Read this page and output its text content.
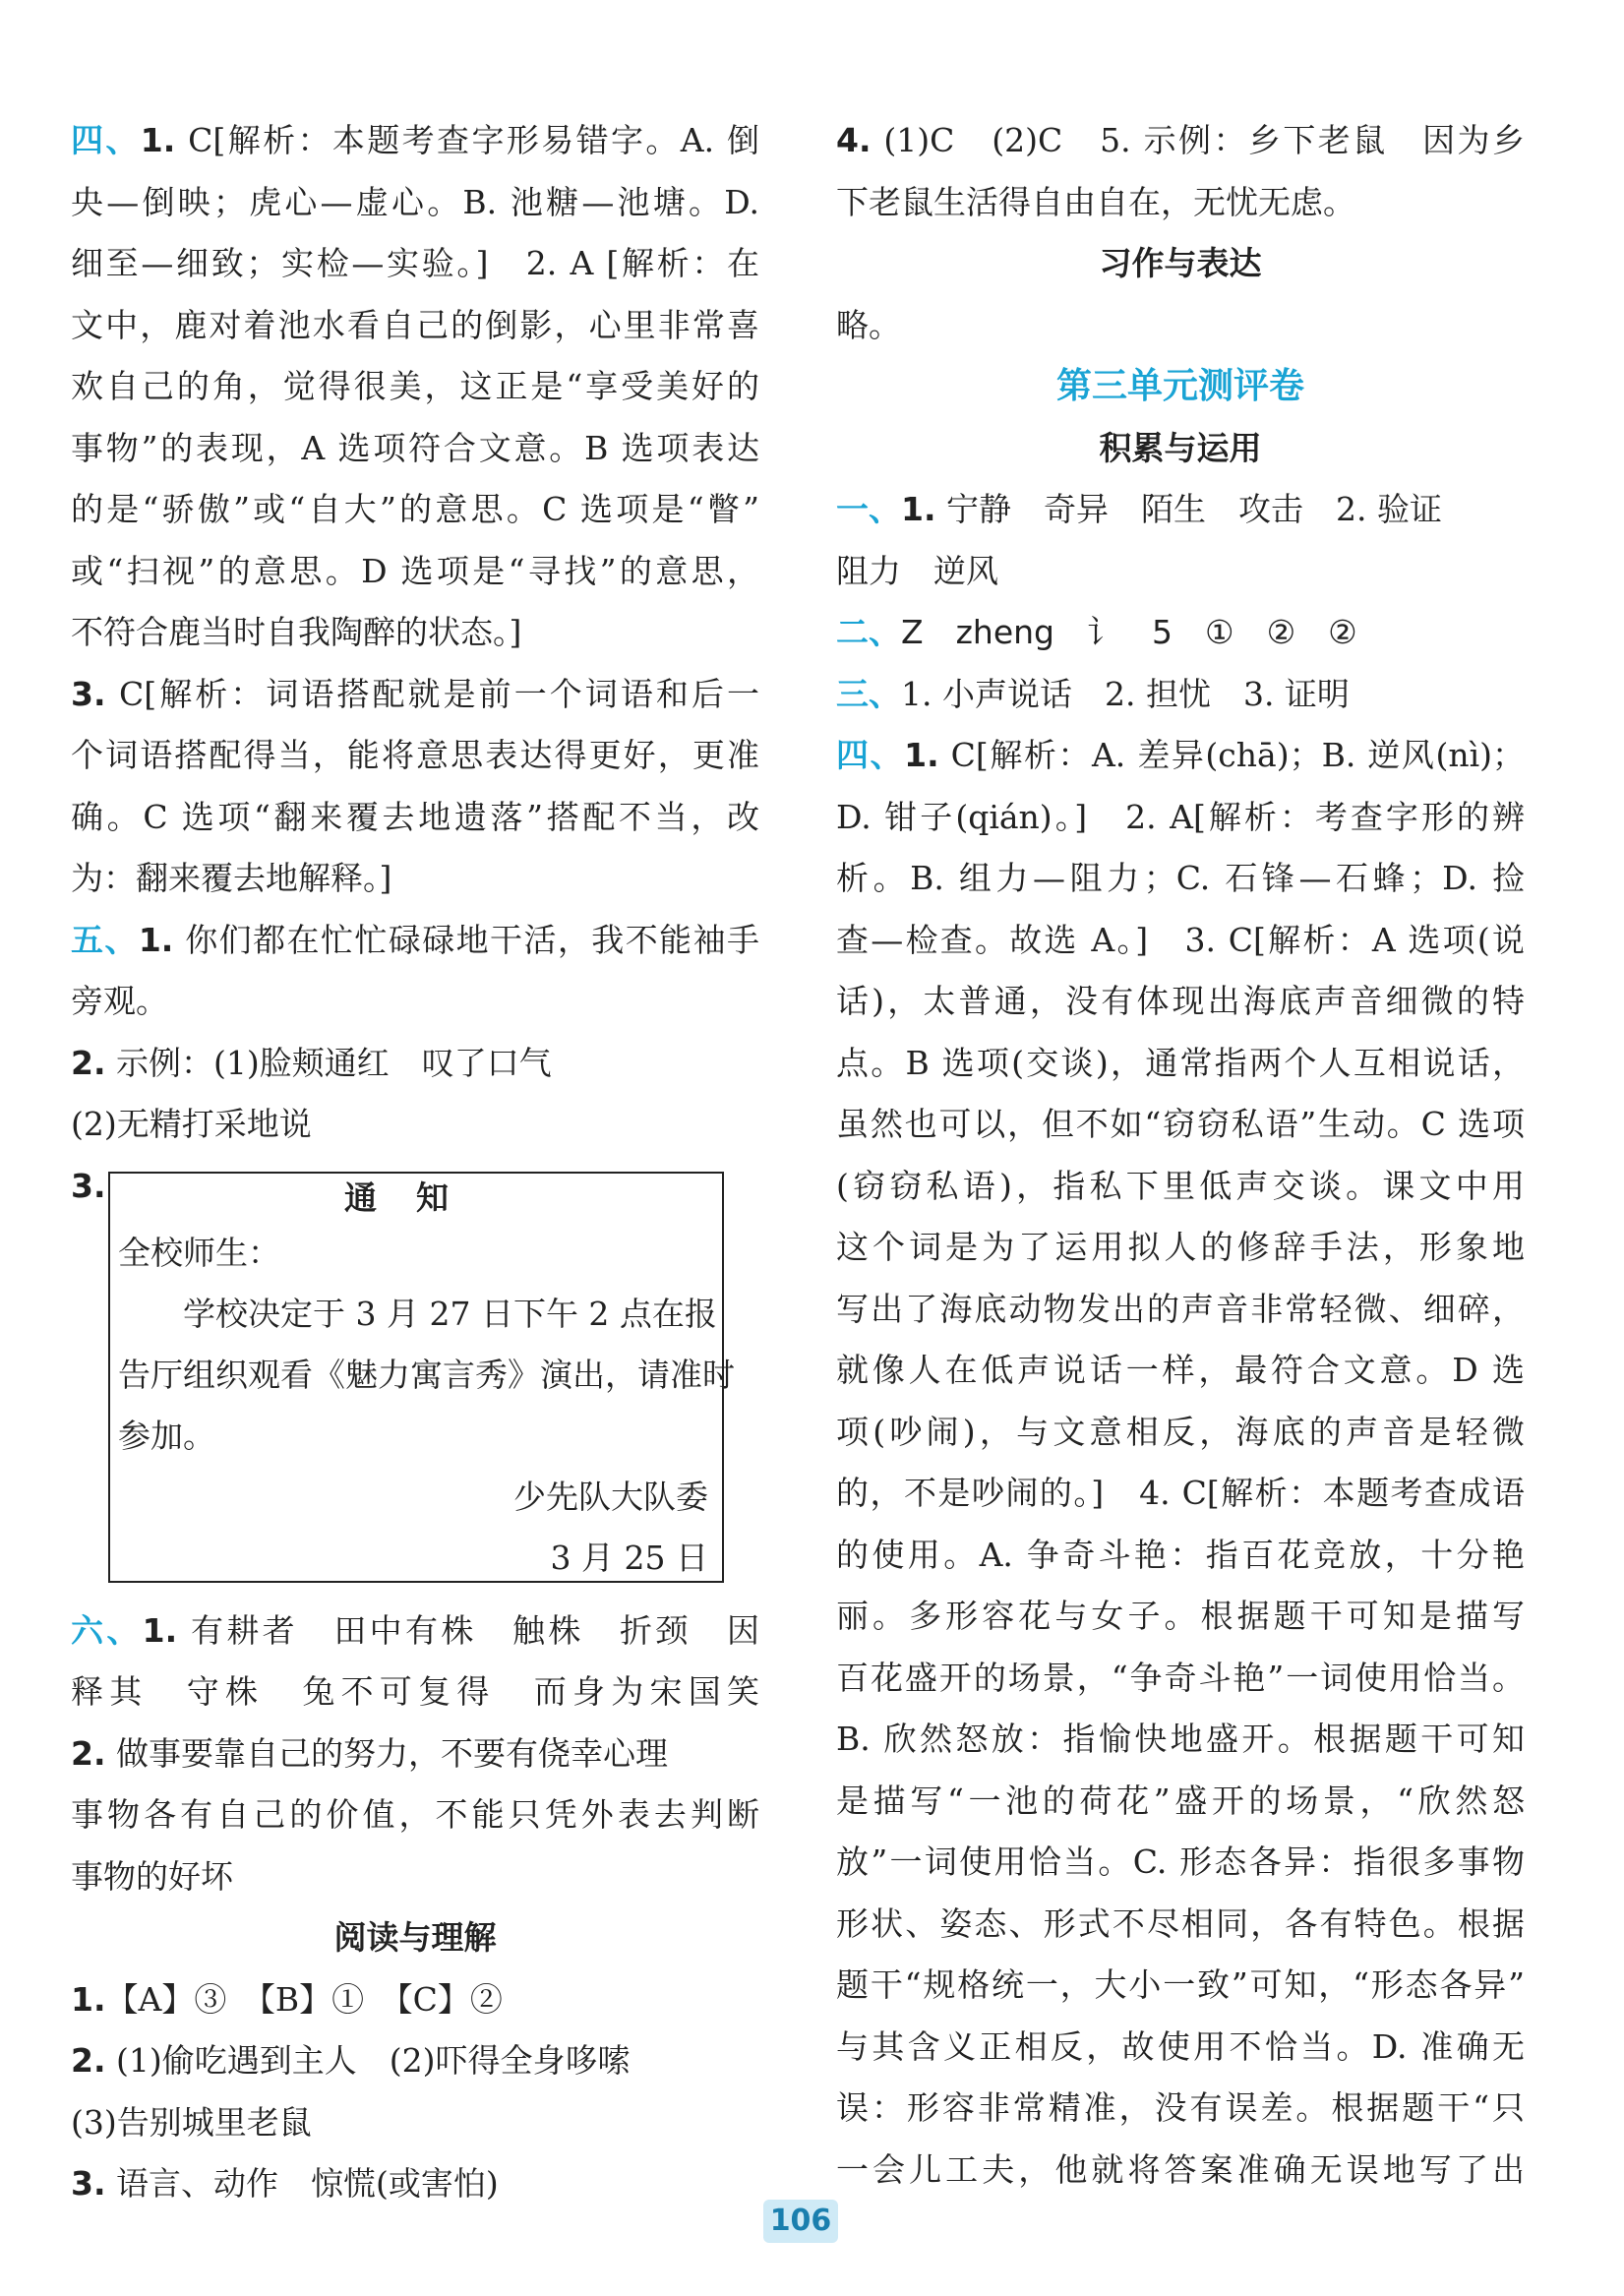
四、1. C[解析：本题考查字形易错字。A. 倒
央—倒映；虎心—虚心。B. 池糖—池塘。D.
细至—细致；实检—实验。]　2. A [解析：在
文中，鹿对着池水看自己的倒影，心里非常喜
欢自己的角，觉得很美，这正是“享受美好的
事物”的表现，A 选项符合文意。B 选项表达
的是“骄傲”或“自大”的意思。C 选项是“瞥”
或“扫视”的意思。D 选项是“寻找”的意思，
不符合鹿当时自我陶醉的状态。]
3. C[解析：词语搭配就是前一个词语和后一
个词语搭配得当，能将意思表达得更好，更准
确。C 选项“翻来覆去地遗落”搭配不当，改
为：翻来覆去地解释。]
五、1. 你们都在忙忙碌碌地干活，我不能袖手
旁观。
2. 示例：(1)脸颊通红　叹了口气
(2)无精打采地说
3.	通知
全校师生：
学校决定于 3 月 27 日下午 2 点在报
告厅组织观看《魅力寓言秀》演出，请准时
参加。
少先队大队委
3 月 25 日
六、1. 有耕者　田中有株　触株　折颈　因
释其　守株　兔不可复得　而身为宋国笑
2. 做事要靠自己的努力，不要有侥幸心理
事物各有自己的价值，不能只凭外表去判断
事物的好坏
阅读与理解
1.【A】③　【B】①　【C】②
2. (1)偷吃遇到主人　(2)吓得全身哆嗦
(3)告别城里老鼠
3. 语言、动作　惊慌(或害怕)
4. (1)C　(2)C　5. 示例：乡下老鼠　因为乡
下老鼠生活得自由自在，无忧无虑。
习作与表达
略。
第三单元测评卷
积累与运用
一、1. 宁静　奇异　陌生　攻击　2. 验证
阻力　逆风
二、Z　zheng　讠　5　①　②　②
三、1. 小声说话　2. 担忧　3. 证明
四、1. C[解析：A. 差异(chā)；B. 逆风(nì)；
D. 钳子(qián)。]　2. A[解析：考查字形的辨
析。B. 组力—阻力；C. 石锋—石蜂；D. 捡
查—检查。故选 A。]　3. C[解析：A 选项(说
话)，太普通，没有体现出海底声音细微的特
点。B 选项(交谈)，通常指两个人互相说话，
虽然也可以，但不如“窃窃私语”生动。C 选项
(窃窃私语)，指私下里低声交谈。课文中用
这个词是为了运用拟人的修辞手法，形象地
写出了海底动物发出的声音非常轻微、细碎，
就像人在低声说话一样，最符合文意。D 选
项(吵闹)，与文意相反，海底的声音是轻微
的，不是吵闹的。]　4. C[解析：本题考查成语
的使用。A. 争奇斗艳：指百花竞放，十分艳
丽。多形容花与女子。根据题干可知是描写
百花盛开的场景，“争奇斗艳”一词使用恰当。
B. 欣然怒放：指愉快地盛开。根据题干可知
是描写“一池的荷花”盛开的场景，“欣然怒
放”一词使用恰当。C. 形态各异：指很多事物
形状、姿态、形式不尽相同，各有特色。根据
题干“规格统一，大小一致”可知，“形态各异”
与其含义正相反，故使用不恰当。D. 准确无
误：形容非常精准，没有误差。根据题干“只
一会儿工夫，他就将答案准确无误地写了出
106
